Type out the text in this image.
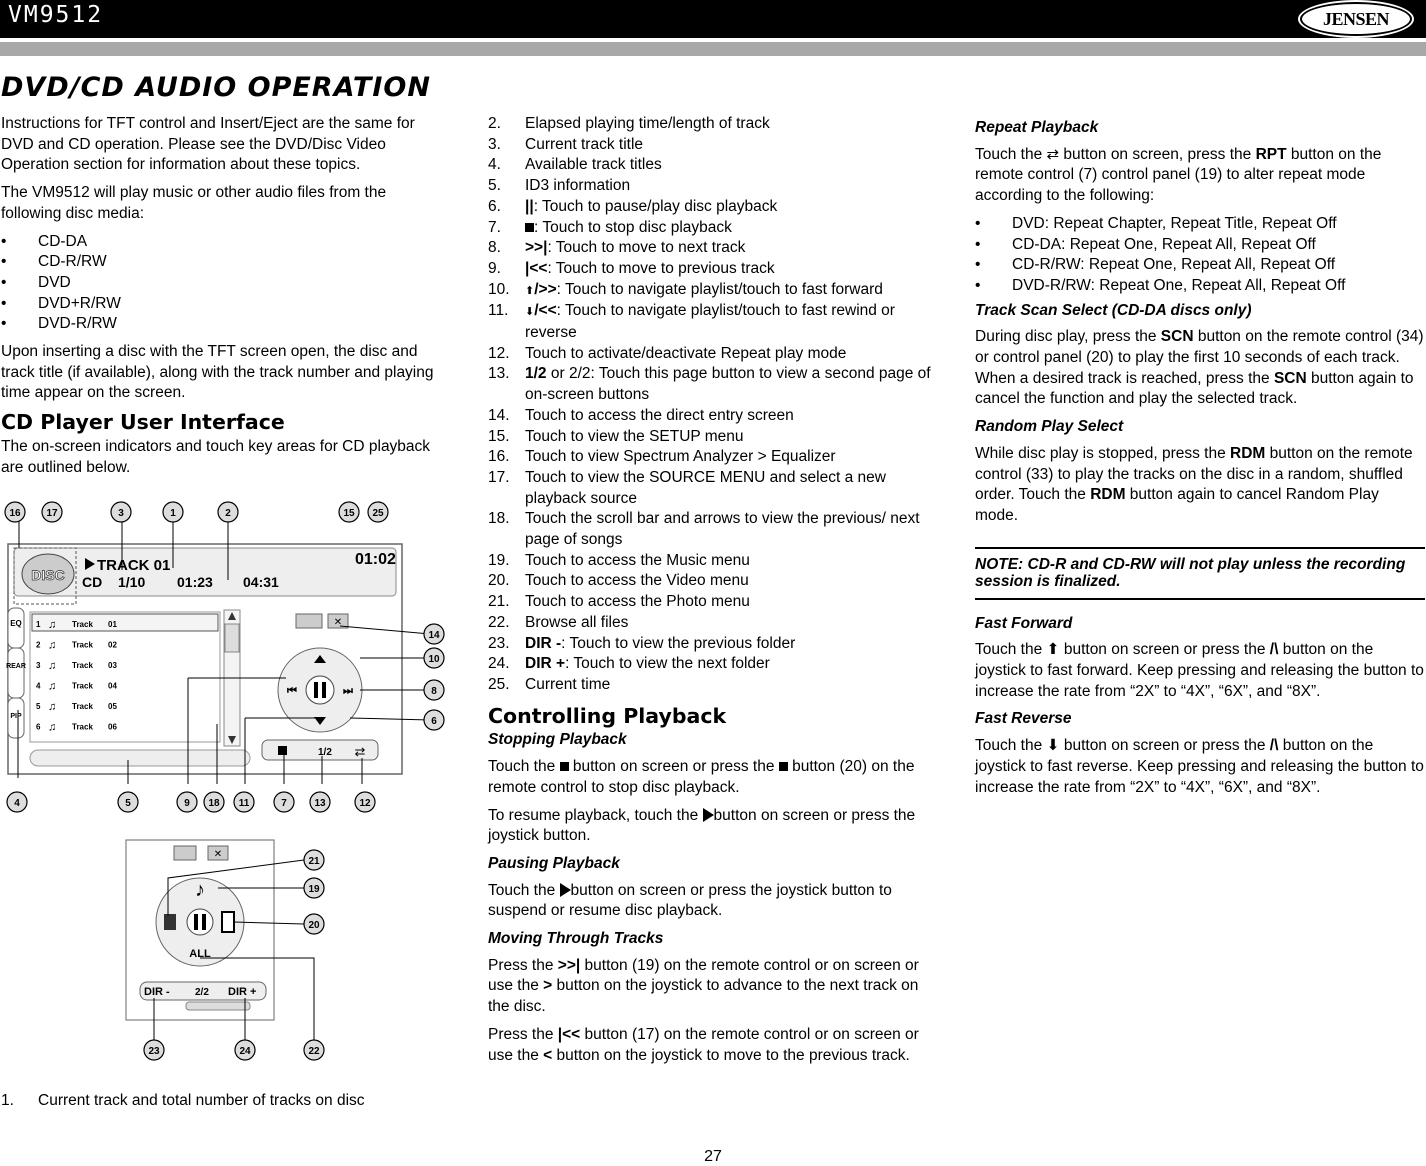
VM9512	JENSEN
DVD/CD AUDIO OPERATION

Instructions for TFT control and Insert/Eject are the same for DVD and CD operation. Please see the DVD/Disc Video Operation section for information about these topics.

The VM9512 will play music or other audio files from the following disc media:

•	CD-DA
•	CD-R/RW
•	DVD
•	DVD+R/RW
•	DVD-R/RW

Upon inserting a disc with the TFT screen open, the disc and track title (if available), along with the track number and playing time appear on the screen.

CD Player User Interface

The on-screen indicators and touch key areas for CD playback are outlined below.

DISC
TRACK 01
CD 1/10 01:23 04:31
01:02
EQ
REAR
PIP
1 ♫ Track 01
2 ♫ Track 02
3 ♫ Track 03
4 ♫ Track 04
5 ♫ Track 05
6 ♫ Track 06
✕
⏮	⏭
1/2 ⇄
16	17	3	1	2	15 25
14
10
8
6
4	5	9 18 11	7	13	12
✕
♪
ALL
DIR -	2/2 DIR +
21
19
20
23	24	22
1.	Current track and total number of tracks on disc
2.	Elapsed playing time/length of track
3.	Current track title
4.	Available track titles
5.	ID3 information
6.	||: Touch to pause/play disc playback
7.	: Touch to stop disc playback
8.	>>|: Touch to move to next track
9.	|<<: Touch to move to previous track
10.	⬆/>>: Touch to navigate playlist/touch to fast forward
11.	⬇/<<: Touch to navigate playlist/touch to fast rewind or reverse
12. Touch to activate/deactivate Repeat play mode
13. 1/2 or 2/2: Touch this page button to view a second page of on-screen buttons
14. Touch to access the direct entry screen
15. Touch to view the SETUP menu
16. Touch to view Spectrum Analyzer > Equalizer
17. Touch to view the SOURCE MENU and select a new playback source
18. Touch the scroll bar and arrows to view the previous/ next page of songs
19. Touch to access the Music menu
20. Touch to access the Video menu
21. Touch to access the Photo menu
22. Browse all files
23. DIR -: Touch to view the previous folder
24. DIR +: Touch to view the next folder
25. Current time
Controlling Playback
Stopping Playback

Touch the  button on screen or press the  button (20) on the remote control to stop disc playback.

To resume playback, touch the button on screen or press the joystick button.

Pausing Playback

Touch the button on screen or press the joystick button to suspend or resume disc playback.

Moving Through Tracks

Press the >>| button (19) on the remote control or on screen or use the > button on the joystick to advance to the next track on the disc.

Press the |<< button (17) on the remote control or on screen or use the < button on the joystick to move to the previous track.

Repeat Playback

Touch the ⇄ button on screen, press the RPT button on the remote control (7) control panel (19) to alter repeat mode according to the following:

•	DVD: Repeat Chapter, Repeat Title, Repeat Off
•	CD-DA: Repeat One, Repeat All, Repeat Off
•	CD-R/RW: Repeat One, Repeat All, Repeat Off
•	DVD-R/RW: Repeat One, Repeat All, Repeat Off
Track Scan Select (CD-DA discs only)

During disc play, press the SCN button on the remote control (34) or control panel (20) to play the first 10 seconds of each track. When a desired track is reached, press the SCN button again to cancel the function and play the selected track.

Random Play Select

While disc play is stopped, press the RDM button on the remote control (33) to play the tracks on the disc in a random, shuffled order. Touch the RDM button again to cancel Random Play mode.

NOTE: CD-R and CD-RW will not play unless the recording session is finalized.
Fast Forward

Touch the ⬆ button on screen or press the /\ button on the joystick to fast forward. Keep pressing and releasing the button to increase the rate from “2X” to “4X”, “6X”, and “8X”.

Fast Reverse

Touch the ⬇ button on screen or press the /\ button on the joystick to fast reverse. Keep pressing and releasing the button to increase the rate from “2X” to “4X”, “6X”, and “8X”.

27
